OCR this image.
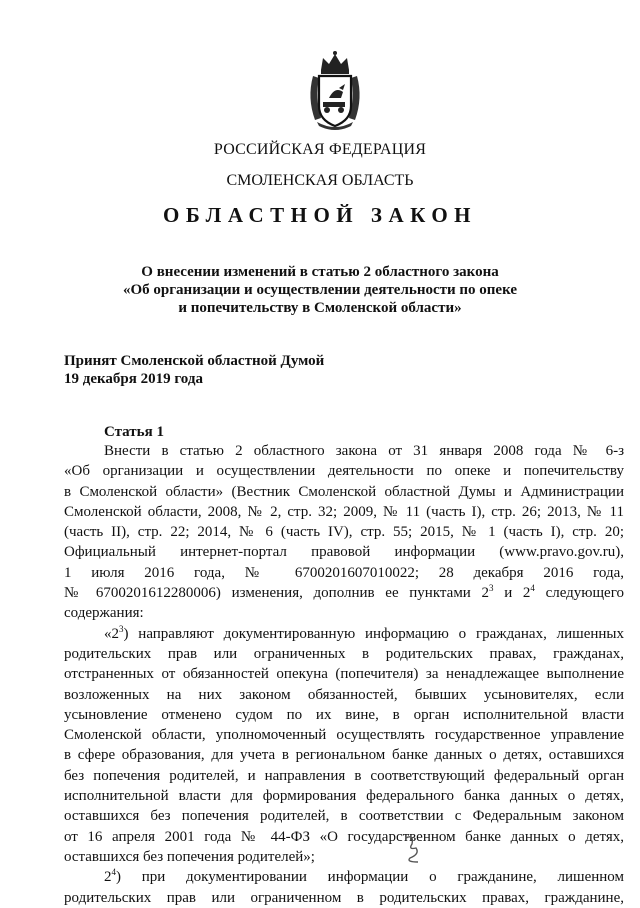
РОССИЙСКАЯ ФЕДЕРАЦИЯ
СМОЛЕНСКАЯ ОБЛАСТЬ
ОБЛАСТНОЙ ЗАКОН
О внесении изменений в статью 2 областного закона
«Об организации и осуществлении деятельности по опеке
и попечительству в Смоленской области»
Принят Смоленской областной Думой
19 декабря 2019 года
Статья 1
Внести в статью 2 областного закона от 31 января 2008 года № 6-з
«Об организации и осуществлении деятельности по опеке и попечительству
в Смоленской области» (Вестник Смоленской областной Думы и Администрации
Смоленской области, 2008, № 2, стр. 32; 2009, № 11 (часть I), стр. 26; 2013, № 11
(часть II), стр. 22; 2014, № 6 (часть IV), стр. 55; 2015, № 1 (часть I), стр. 20;
Официальный интернет-портал правовой информации (www.pravo.gov.ru),
1 июля 2016 года, № 6700201607010022; 28 декабря 2016 года,
№ 6700201612280006) изменения, дополнив ее пунктами $2^3$ и $2^4$ следующего
содержания:
«$2^3$) направляют документированную информацию о гражданах, лишенных
родительских прав или ограниченных в родительских правах, гражданах,
отстраненных от обязанностей опекуна (попечителя) за ненадлежащее выполнение
возложенных на них законом обязанностей, бывших усыновителях, если
усыновление отменено судом по их вине, в орган исполнительной власти
Смоленской области, уполномоченный осуществлять государственное управление
в сфере образования, для учета в региональном банке данных о детях, оставшихся
без попечения родителей, и направления в соответствующий федеральный орган
исполнительной власти для формирования федерального банка данных о детях,
оставшихся без попечения родителей, в соответствии с Федеральным законом
от 16 апреля 2001 года № 44-ФЗ «О государственном банке данных о детях,
оставшихся без попечения родителей»;
$2^4$) при документировании информации о гражданине, лишенном
родительских прав или ограниченном в родительских правах, гражданине,
